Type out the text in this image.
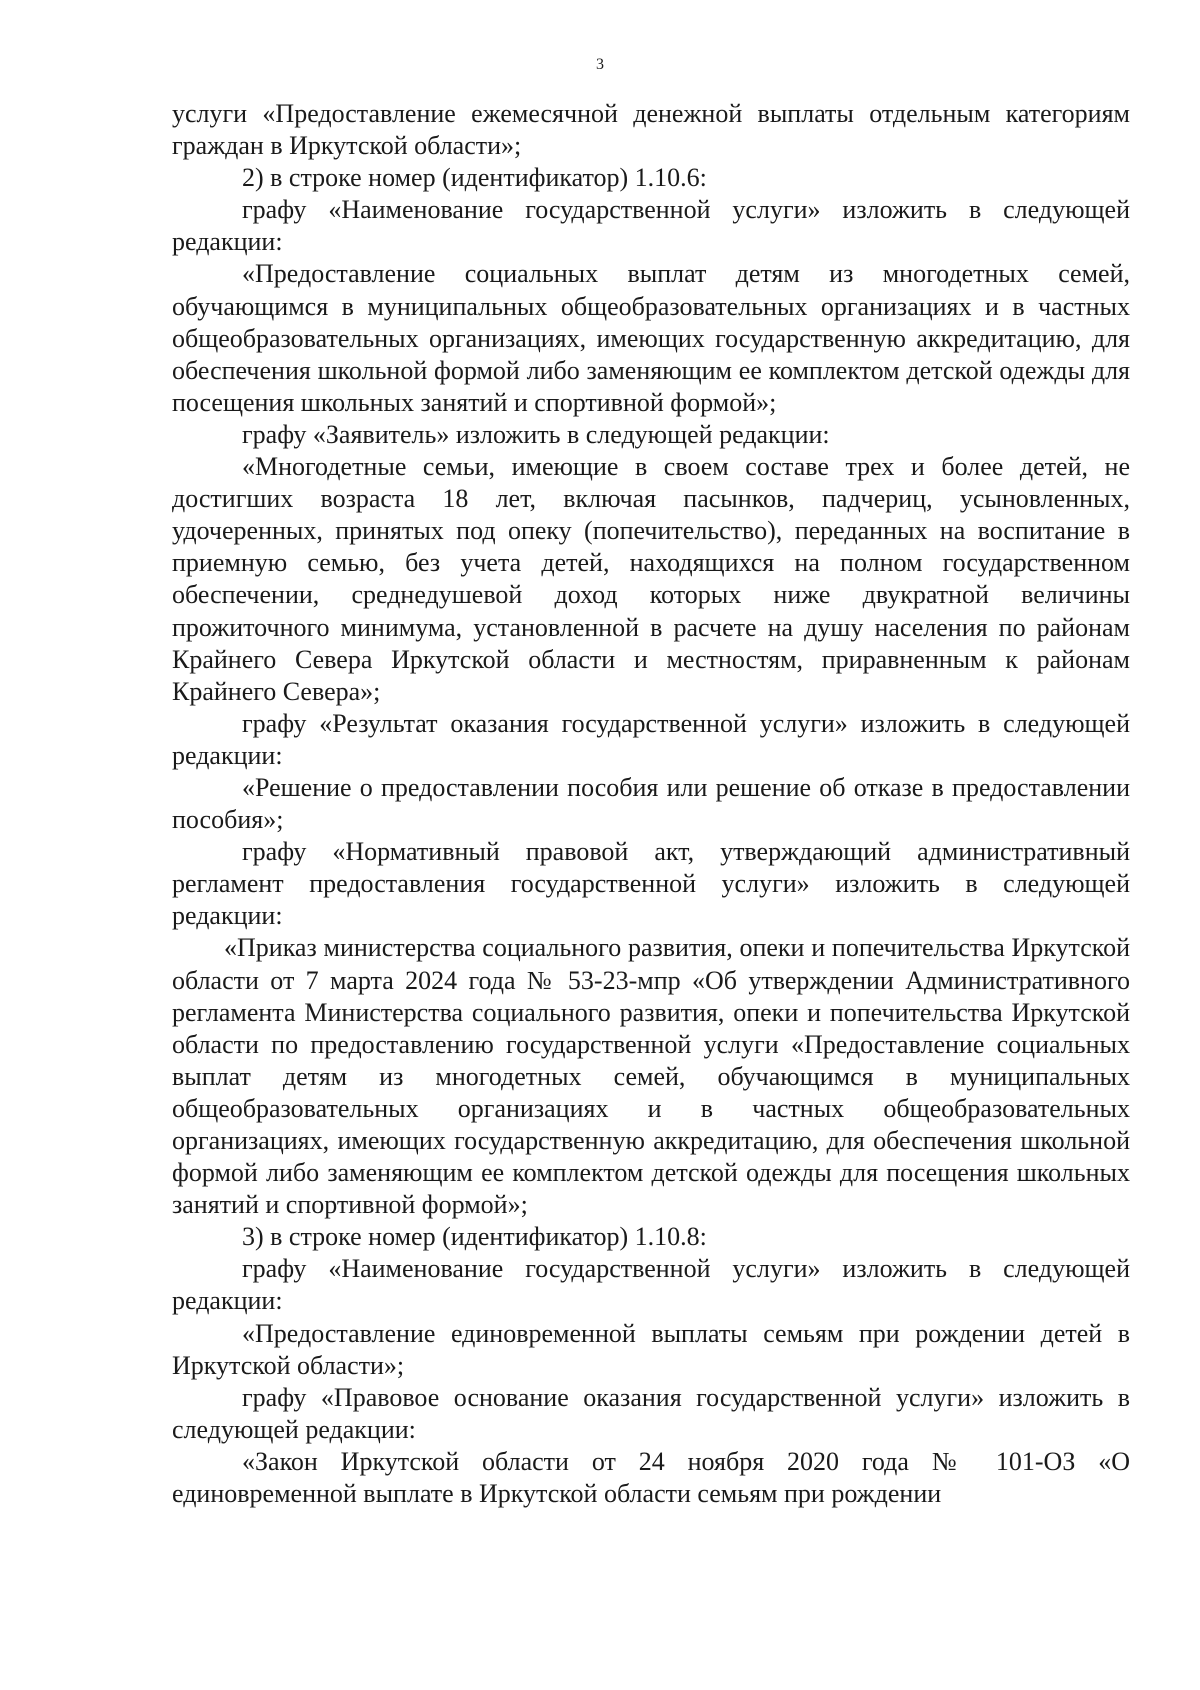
3

услуги «Предоставление ежемесячной денежной выплаты отдельным категориям граждан в Иркутской области»;

2) в строке номер (идентификатор) 1.10.6:

графу «Наименование государственной услуги» изложить в следующей редакции:

«Предоставление социальных выплат детям из многодетных семей, обучающимся в муниципальных общеобразовательных организациях и в частных общеобразовательных организациях, имеющих государственную аккредитацию, для обеспечения школьной формой либо заменяющим ее комплектом детской одежды для посещения школьных занятий и спортивной формой»;

графу «Заявитель» изложить в следующей редакции:

«Многодетные семьи, имеющие в своем составе трех и более детей, не достигших возраста 18 лет, включая пасынков, падчериц, усыновленных, удочеренных, принятых под опеку (попечительство), переданных на воспитание в приемную семью, без учета детей, находящихся на полном государственном обеспечении, среднедушевой доход которых ниже двукратной величины прожиточного минимума, установленной в расчете на душу населения по районам Крайнего Севера Иркутской области и местностям, приравненным к районам Крайнего Севера»;

графу «Результат оказания государственной услуги» изложить в следующей редакции:

«Решение о предоставлении пособия или решение об отказе в предоставлении пособия»;

графу «Нормативный правовой акт, утверждающий административный регламент предоставления государственной услуги» изложить в следующей редакции:

«Приказ министерства социального развития, опеки и попечительства Иркутской области от 7 марта 2024 года № 53-23-мпр «Об утверждении Административного регламента Министерства социального развития, опеки и попечительства Иркутской области по предоставлению государственной услуги «Предоставление социальных выплат детям из многодетных семей, обучающимся в муниципальных общеобразовательных организациях и в частных общеобразовательных организациях, имеющих государственную аккредитацию, для обеспечения школьной формой либо заменяющим ее комплектом детской одежды для посещения школьных занятий и спортивной формой»;

3) в строке номер (идентификатор) 1.10.8:

графу «Наименование государственной услуги» изложить в следующей редакции:

«Предоставление единовременной выплаты семьям при рождении детей в Иркутской области»;

графу «Правовое основание оказания государственной услуги» изложить в следующей редакции:

«Закон Иркутской области от 24 ноября 2020 года № 101-ОЗ «О единовременной выплате в Иркутской области семьям при рождении
